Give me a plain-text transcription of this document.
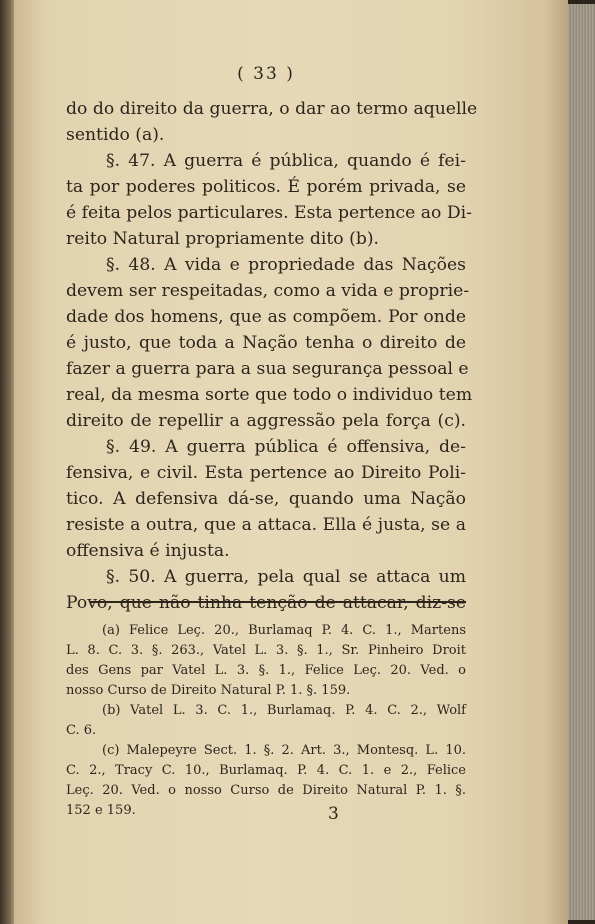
( 33 )
do do direito da guerra, o dar ao termo aquelle
sentido (a).
§. 47. A guerra é pública, quando é fei-
ta por poderes politicos. É porém privada, se
é feita pelos particulares. Esta pertence ao Di-
reito Natural propriamente dito (b).
§. 48. A vida e propriedade das Nações
devem ser respeitadas, como a vida e proprie-
dade dos homens, que as compõem. Por onde
é justo, que toda a Nação tenha o direito de
fazer a guerra para a sua segurança pessoal e
real, da mesma sorte que todo o individuo tem
direito de repellir a aggressão pela força (c).
§. 49. A guerra pública é offensiva, de-
fensiva, e civil. Esta pertence ao Direito Poli-
tico. A defensiva dá-se, quando uma Nação
resiste a outra, que a attaca. Ella é justa, se a
offensiva é injusta.
§. 50. A guerra, pela qual se attaca um
Povo, que não tinha tenção de attacar, diz-se
(a) Felice Leç. 20., Burlamaq P. 4. C. 1., Martens
L. 8. C. 3. §. 263., Vatel L. 3. §. 1., Sr. Pinheiro Droit
des Gens par Vatel L. 3. §. 1., Felice Leç. 20. Ved. o
nosso Curso de Direito Natural P. 1. §. 159.
(b) Vatel L. 3. C. 1., Burlamaq. P. 4. C. 2., Wolf
C. 6.
(c) Malepeyre Sect. 1. §. 2. Art. 3., Montesq. L. 10.
C. 2., Tracy C. 10., Burlamaq. P. 4. C. 1. e 2., Felice
Leç. 20. Ved. o nosso Curso de Direito Natural P. 1. §.
152 e 159.	3
